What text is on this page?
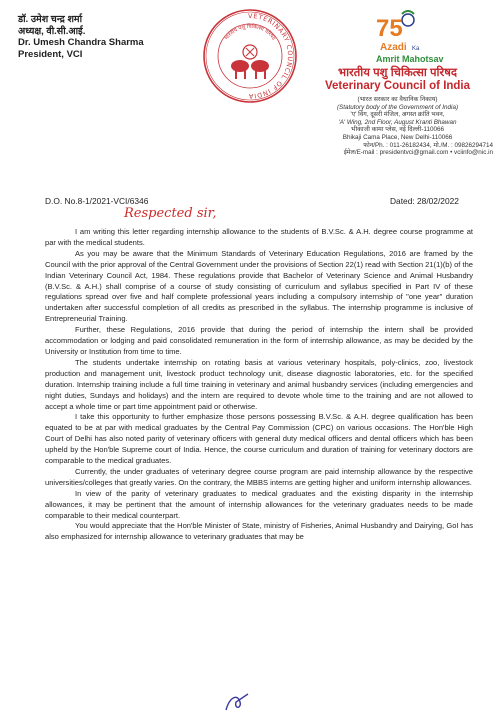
डॉ. उमेश चन्द्र शर्मा
अध्यक्ष, वी.सी.आई.
Dr. Umesh Chandra Sharma
President, VCI
VETERINARY COUNCIL OF INDIA
भारतीय पशु चिकित्सा परिषद	75
Azadi Ka
Amrit Mahotsav
भारतीय पशु चिकित्सा परिषद
Veterinary Council of India
(भारत सरकार का वैधानिक निकाय)
(Statutory body of the Government of India)
'ए' विंग, दूसरी मंजिल, अगस्त क्रांति भवन,
'A' Wing, 2nd Floor, August Kranti Bhawan
भीकाजी कामा प्लेस, नई दिल्ली-110066
Bhikaji Cama Place, New Delhi-110066
फोन/Ph. : 011-26182434, मो./M. : 09826294714
ईमेल/E-mail : presidentvci@gmail.com • vciinfo@nic.in
D.O. No.8-1/2021-VCI/6346	Dated: 28/02/2022
Respected sir,

I am writing this letter regarding internship allowance to the students of B.V.Sc. & A.H. degree course programme at par with the medical students.

As you may be aware that the Minimum Standards of Veterinary Education Regulations, 2016 are framed by the Council with the prior approval of the Central Government under the provisions of Section 22(1) read with Section 21(1)(b) of the Indian Veterinary Council Act, 1984. These regulations provide that Bachelor of Veterinary Science and Animal Husbandry (B.V.Sc. & A.H.) shall comprise of a course of study consisting of curriculum and syllabus specified in Part IV of these regulations spread over five and half complete professional years including a compulsory internship of "one year" duration undertaken after successful completion of all credits as prescribed in the syllabus. The internship programme is inclusive of Entrepreneurial Training.

Further, these Regulations, 2016 provide that during the period of internship the intern shall be provided accommodation or lodging and paid consolidated remuneration in the form of internship allowance, as may be decided by the University or Institution from time to time.

The students undertake internship on rotating basis at various veterinary hospitals, poly-clinics, zoo, livestock production and management unit, livestock product technology unit, disease diagnostic laboratories, etc. for the specified duration. Internship training include a full time training in veterinary and animal husbandry services (including emergencies and night duties, Sundays and holidays) and the intern are required to devote whole time to the training and are not allowed to accept a whole time or part time appointment paid or otherwise.

I take this opportunity to further emphasize those persons possessing B.V.Sc. & A.H. degree qualification has been equated to be at par with medical graduates by the Central Pay Commission (CPC) on various occasions. The Hon'ble High Court of Delhi has also noted parity of veterinary officers with general duty medical officers and dental officers which has been upheld by the Hon'ble Supreme court of India. Hence, the course curriculum and duration of training for veterinary doctors are comparable to the medical graduates.

Currently, the under graduates of veterinary degree course program are paid internship allowance by the respective universities/colleges that greatly varies. On the contrary, the MBBS interns are getting higher and uniform internship allowances.

In view of the parity of veterinary graduates to medical graduates and the existing disparity in the internship allowances, it may be pertinent that the amount of internship allowances for the veterinary graduates needs to be made comparable to their medical counterpart.

You would appreciate that the Hon'ble Minister of State, ministry of Fisheries, Animal Husbandry and Dairying, GoI has also emphasized for internship allowance to veterinary graduates that may be
